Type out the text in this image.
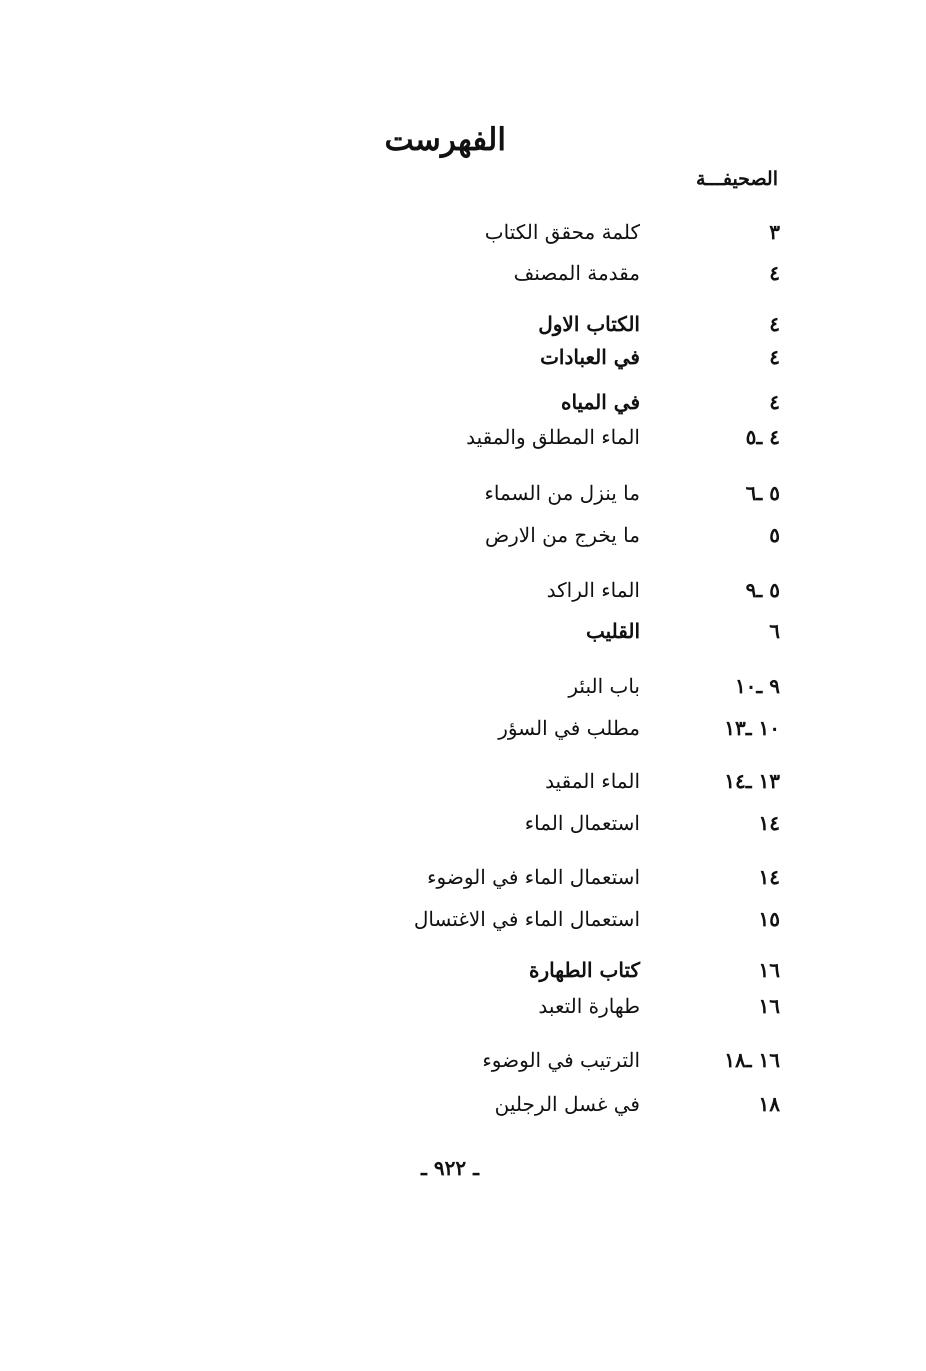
الفهرست
الصحيفـــة
٣
كلمة محقق الكتاب
٤
مقدمة المصنف
٤
الكتاب الاول
٤
في العبادات
٤
في المياه
٤ ـ٥
الماء المطلق والمقيد
٥ ـ٦
ما ينزل من السماء
٥
ما يخرج من الارض
٥ ـ٩
الماء الراكد
٦
القليب
٩ ـ١٠
باب البئر
١٠ ـ١٣
مطلب في السؤر
١٣ ـ١٤
الماء المقيد
١٤
استعمال الماء
١٤
استعمال الماء في الوضوء
١٥
استعمال الماء في الاغتسال
١٦
كتاب الطهارة
١٦
طهارة التعبد
١٦ ـ١٨
الترتيب في الوضوء
١٨
في غسل الرجلين
ـ ٩٢٢ ـ
